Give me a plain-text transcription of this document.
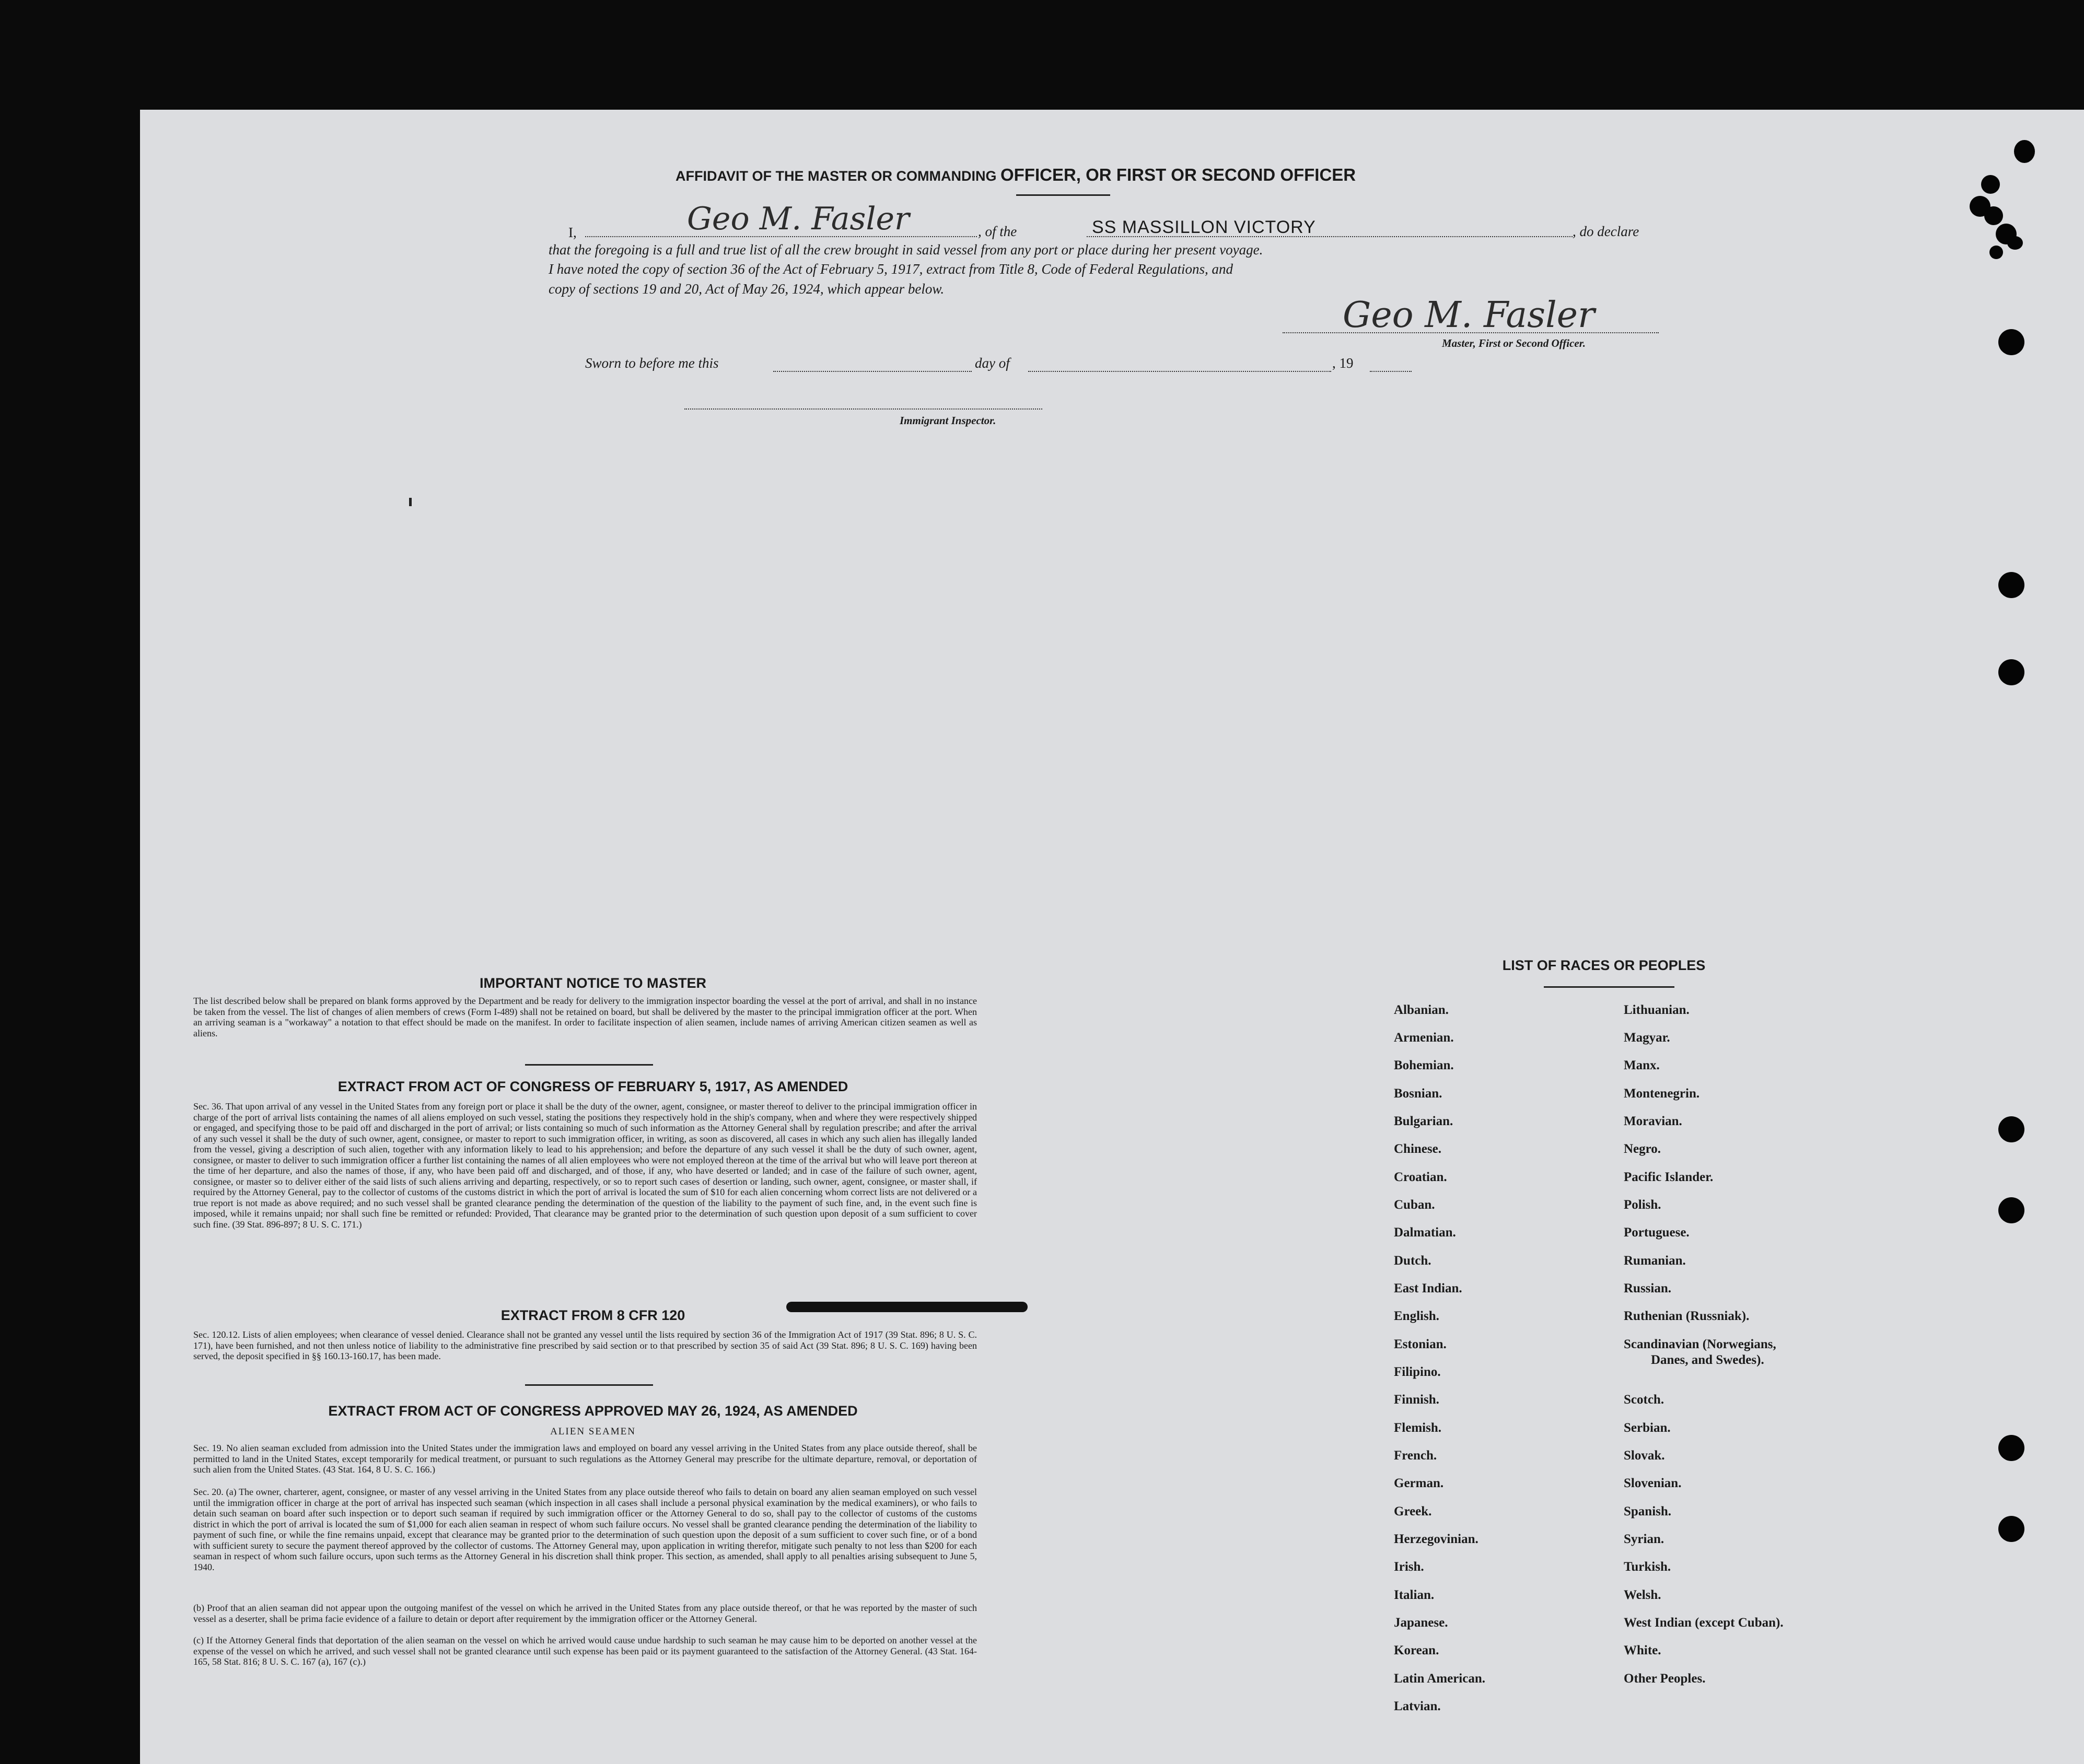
AFFIDAVIT OF THE MASTER OR COMMANDING OFFICER, OR FIRST OR SECOND OFFICER
I,	Geo M. Fasler	, of the	SS MASSILLON VICTORY	, do declare
that the foregoing is a full and true list of all the crew brought in said vessel from any port or place during her present voyage.
I have noted the copy of section 36 of the Act of February 5, 1917, extract from Title 8, Code of Federal Regulations, and
copy of sections 19 and 20, Act of May 26, 1924, which appear below.
Geo M. Fasler
Master, First or Second Officer.
Sworn to before me this	day of	, 19
Immigrant Inspector.
IMPORTANT NOTICE TO MASTER
The list described below shall be prepared on blank forms approved by the Department and be ready for delivery to the immigration inspector boarding the vessel at the port of arrival, and shall in no instance be taken from the vessel. The list of changes of alien members of crews (Form I-489) shall not be retained on board, but shall be delivered by the master to the principal immigration officer at the port. When an arriving seaman is a "workaway" a notation to that effect should be made on the manifest. In order to facilitate inspection of alien seamen, include names of arriving American citizen seamen as well as aliens.
EXTRACT FROM ACT OF CONGRESS OF FEBRUARY 5, 1917, AS AMENDED
Sec. 36. That upon arrival of any vessel in the United States from any foreign port or place it shall be the duty of the owner, agent, consignee, or master thereof to deliver to the principal immigration officer in charge of the port of arrival lists containing the names of all aliens employed on such vessel, stating the positions they respectively hold in the ship's company, when and where they were respectively shipped or engaged, and specifying those to be paid off and discharged in the port of arrival; or lists containing so much of such information as the Attorney General shall by regulation prescribe; and after the arrival of any such vessel it shall be the duty of such owner, agent, consignee, or master to report to such immigration officer, in writing, as soon as discovered, all cases in which any such alien has illegally landed from the vessel, giving a description of such alien, together with any information likely to lead to his apprehension; and before the departure of any such vessel it shall be the duty of such owner, agent, consignee, or master to deliver to such immigration officer a further list containing the names of all alien employees who were not employed thereon at the time of the arrival but who will leave port thereon at the time of her departure, and also the names of those, if any, who have been paid off and discharged, and of those, if any, who have deserted or landed; and in case of the failure of such owner, agent, consignee, or master so to deliver either of the said lists of such aliens arriving and departing, respectively, or so to report such cases of desertion or landing, such owner, agent, consignee, or master shall, if required by the Attorney General, pay to the collector of customs of the customs district in which the port of arrival is located the sum of $10 for each alien concerning whom correct lists are not delivered or a true report is not made as above required; and no such vessel shall be granted clearance pending the determination of the question of the liability to the payment of such fine, and, in the event such fine is imposed, while it remains unpaid; nor shall such fine be remitted or refunded: Provided, That clearance may be granted prior to the determination of such question upon deposit of a sum sufficient to cover such fine. (39 Stat. 896-897; 8 U. S. C. 171.)
EXTRACT FROM 8 CFR 120
Sec. 120.12. Lists of alien employees; when clearance of vessel denied. Clearance shall not be granted any vessel until the lists required by section 36 of the Immigration Act of 1917 (39 Stat. 896; 8 U. S. C. 171), have been furnished, and not then unless notice of liability to the administrative fine prescribed by said section or to that prescribed by section 35 of said Act (39 Stat. 896; 8 U. S. C. 169) having been served, the deposit specified in §§ 160.13-160.17, has been made.
EXTRACT FROM ACT OF CONGRESS APPROVED MAY 26, 1924, AS AMENDED
ALIEN SEAMEN
Sec. 19. No alien seaman excluded from admission into the United States under the immigration laws and employed on board any vessel arriving in the United States from any place outside thereof, shall be permitted to land in the United States, except temporarily for medical treatment, or pursuant to such regulations as the Attorney General may prescribe for the ultimate departure, removal, or deportation of such alien from the United States. (43 Stat. 164, 8 U. S. C. 166.)
Sec. 20. (a) The owner, charterer, agent, consignee, or master of any vessel arriving in the United States from any place outside thereof who fails to detain on board any alien seaman employed on such vessel until the immigration officer in charge at the port of arrival has inspected such seaman (which inspection in all cases shall include a personal physical examination by the medical examiners), or who fails to detain such seaman on board after such inspection or to deport such seaman if required by such immigration officer or the Attorney General to do so, shall pay to the collector of customs of the customs district in which the port of arrival is located the sum of $1,000 for each alien seaman in respect of whom such failure occurs. No vessel shall be granted clearance pending the determination of the liability to payment of such fine, or while the fine remains unpaid, except that clearance may be granted prior to the determination of such question upon the deposit of a sum sufficient to cover such fine, or of a bond with sufficient surety to secure the payment thereof approved by the collector of customs. The Attorney General may, upon application in writing therefor, mitigate such penalty to not less than $200 for each seaman in respect of whom such failure occurs, upon such terms as the Attorney General in his discretion shall think proper. This section, as amended, shall apply to all penalties arising subsequent to June 5, 1940.
(b) Proof that an alien seaman did not appear upon the outgoing manifest of the vessel on which he arrived in the United States from any place outside thereof, or that he was reported by the master of such vessel as a deserter, shall be prima facie evidence of a failure to detain or deport after requirement by the immigration officer or the Attorney General.
(c) If the Attorney General finds that deportation of the alien seaman on the vessel on which he arrived would cause undue hardship to such seaman he may cause him to be deported on another vessel at the expense of the vessel on which he arrived, and such vessel shall not be granted clearance until such expense has been paid or its payment guaranteed to the satisfaction of the Attorney General. (43 Stat. 164-165, 58 Stat. 816; 8 U. S. C. 167 (a), 167 (c).)
LIST OF RACES OR PEOPLES
Albanian.
Armenian.
Bohemian.
Bosnian.
Bulgarian.
Chinese.
Croatian.
Cuban.
Dalmatian.
Dutch.
East Indian.
English.
Estonian.
Filipino.
Finnish.
Flemish.
French.
German.
Greek.
Herzegovinian.
Irish.
Italian.
Japanese.
Korean.
Latin American.
Latvian.
Lithuanian.
Magyar.
Manx.
Montenegrin.
Moravian.
Negro.
Pacific Islander.
Polish.
Portuguese.
Rumanian.
Russian.
Ruthenian (Russniak).
Scandinavian (Norwegians,
Danes, and Swedes).
Scotch.
Serbian.
Slovak.
Slovenian.
Spanish.
Syrian.
Turkish.
Welsh.
West Indian (except Cuban).
White.
Other Peoples.
